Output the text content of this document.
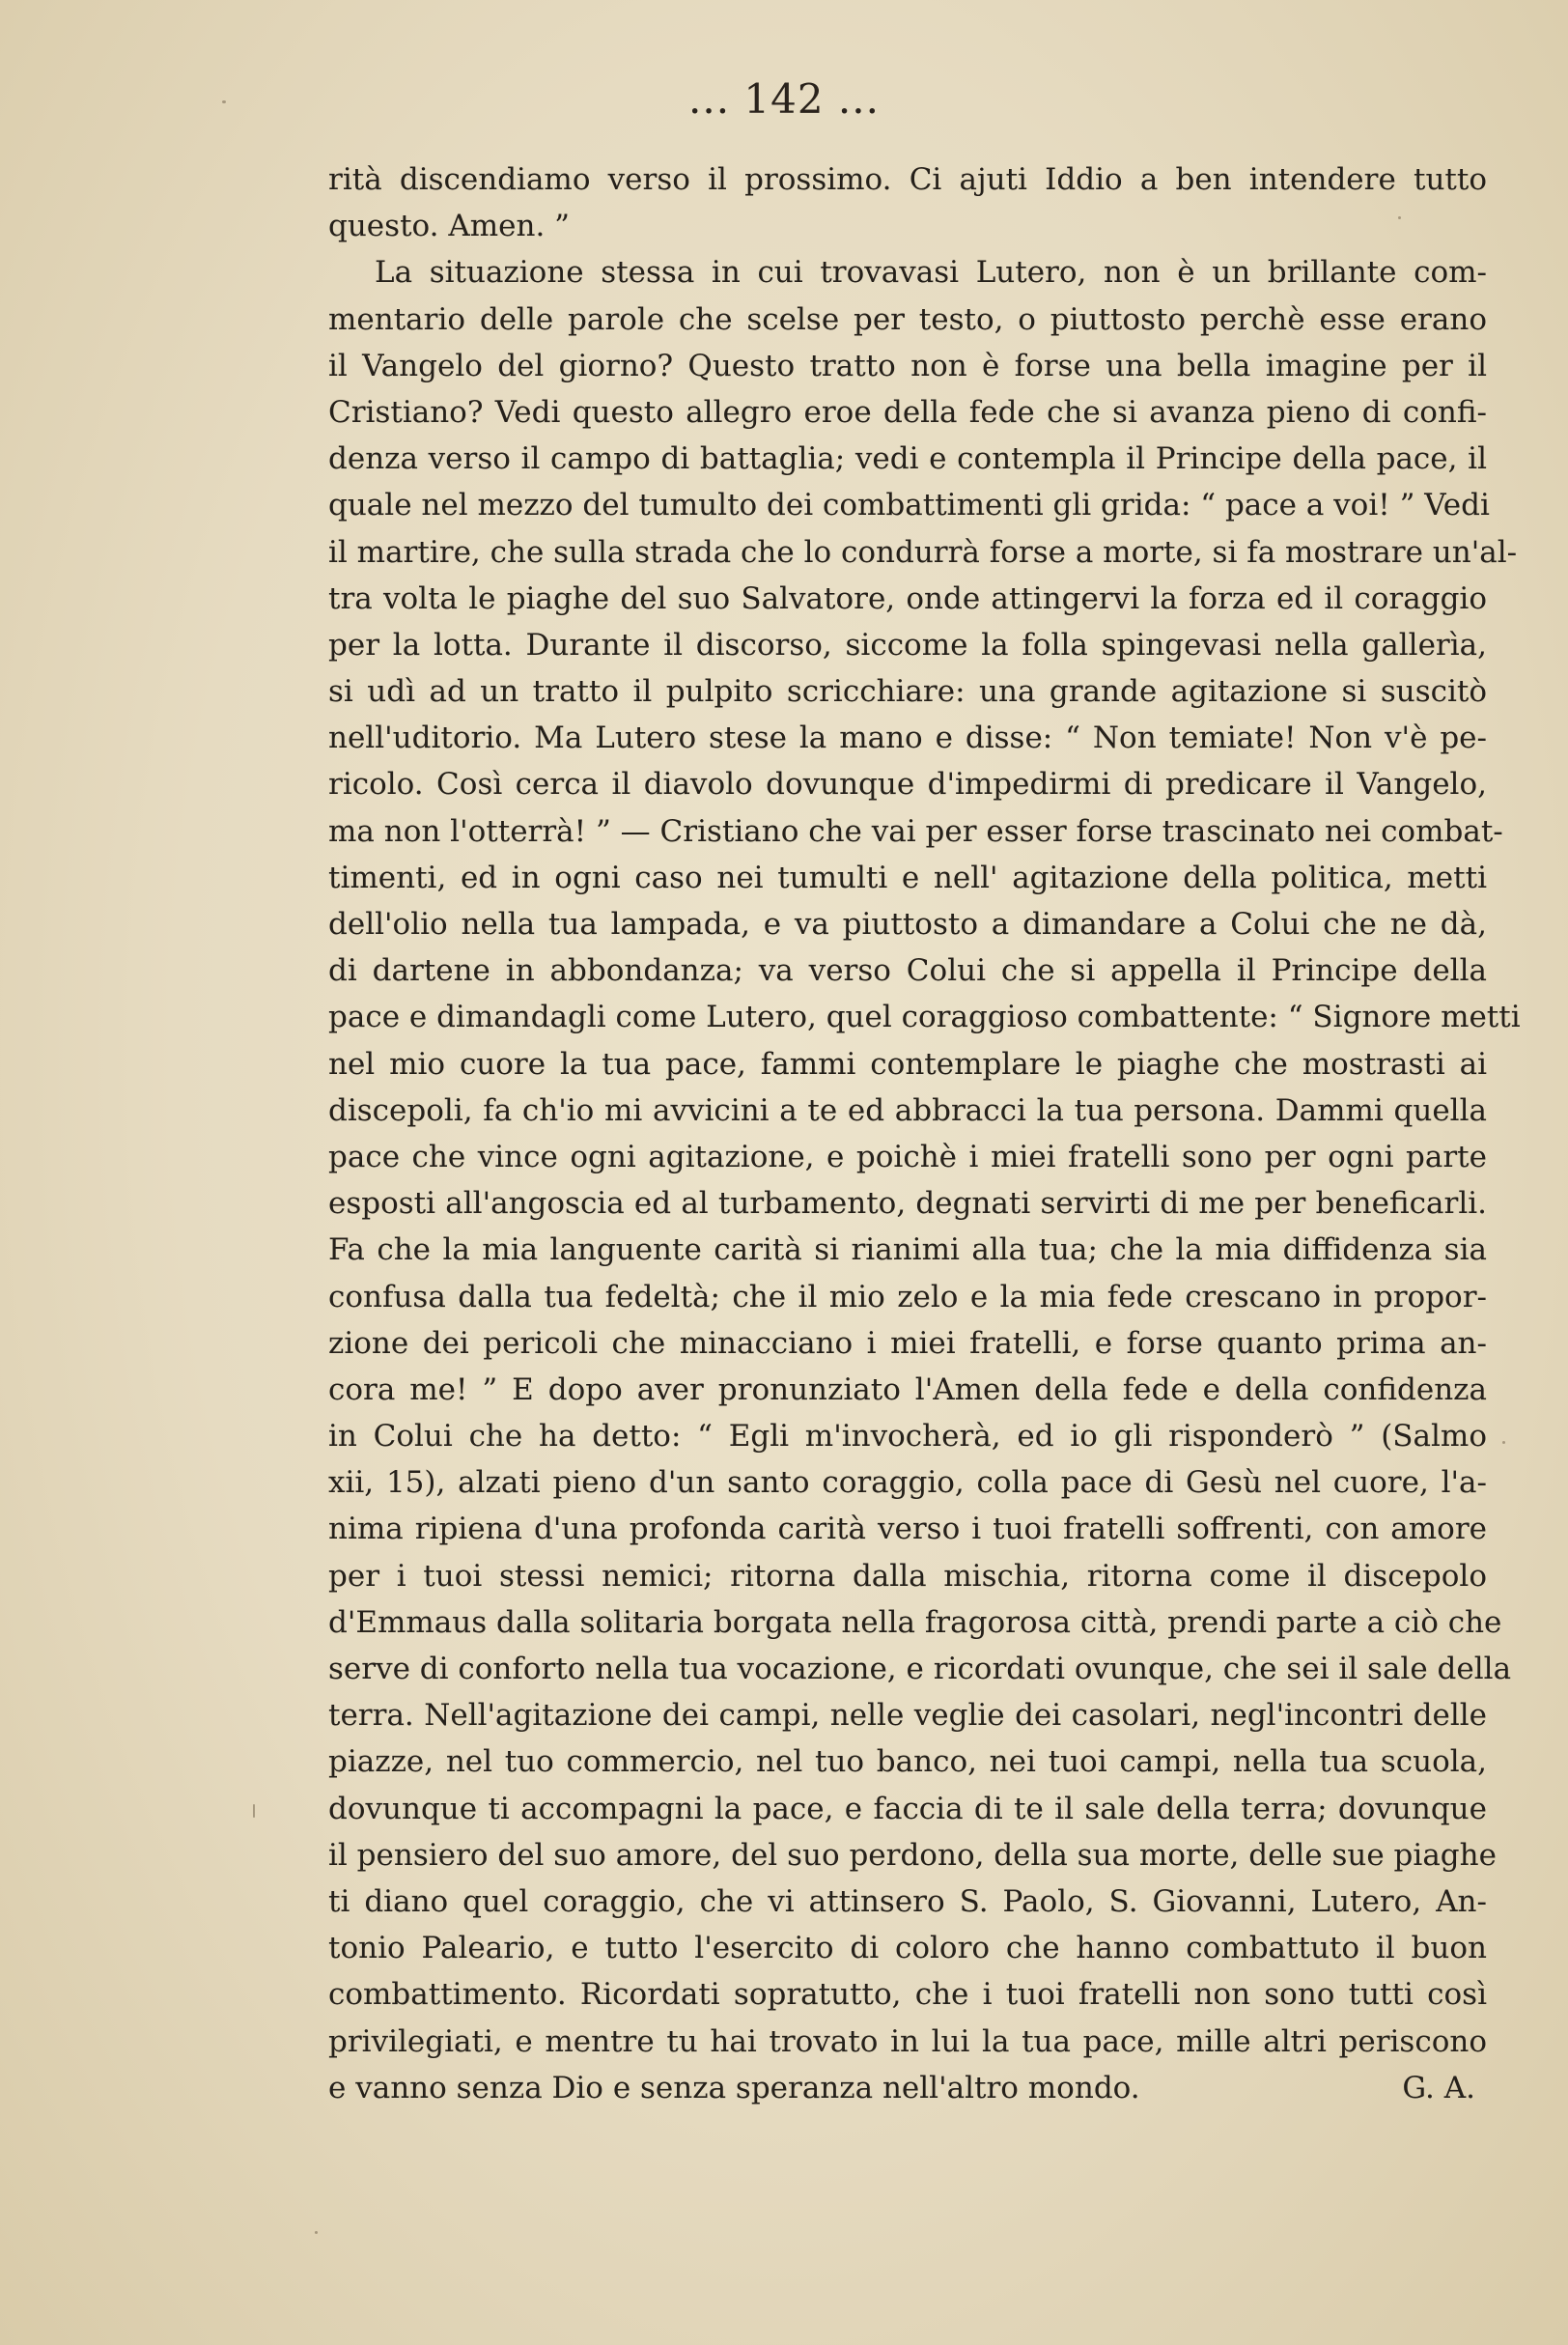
... 142 ...
rità discendiamo verso il prossimo. Ci ajuti Iddio a ben intendere tutto
questo. Amen. ”
La situazione stessa in cui trovavasi Lutero, non è un brillante com-
mentario delle parole che scelse per testo, o piuttosto perchè esse erano
il Vangelo del giorno? Questo tratto non è forse una bella imagine per il
Cristiano? Vedi questo allegro eroe della fede che si avanza pieno di confi-
denza verso il campo di battaglia; vedi e contempla il Principe della pace, il
quale nel mezzo del tumulto dei combattimenti gli grida: “ pace a voi! ” Vedi
il martire, che sulla strada che lo condurrà forse a morte, si fa mostrare un'al-
tra volta le piaghe del suo Salvatore, onde attingervi la forza ed il coraggio
per la lotta. Durante il discorso, siccome la folla spingevasi nella gallerìa,
si udì ad un tratto il pulpito scricchiare: una grande agitazione si suscitò
nell'uditorio. Ma Lutero stese la mano e disse: “ Non temiate! Non v'è pe-
ricolo. Così cerca il diavolo dovunque d'impedirmi di predicare il Vangelo,
ma non l'otterrà! ” — Cristiano che vai per esser forse trascinato nei combat-
timenti, ed in ogni caso nei tumulti e nell' agitazione della politica, metti
dell'olio nella tua lampada, e va piuttosto a dimandare a Colui che ne dà,
di dartene in abbondanza; va verso Colui che si appella il Principe della
pace e dimandagli come Lutero, quel coraggioso combattente: “ Signore metti
nel mio cuore la tua pace, fammi contemplare le piaghe che mostrasti ai
discepoli, fa ch'io mi avvicini a te ed abbracci la tua persona. Dammi quella
pace che vince ogni agitazione, e poichè i miei fratelli sono per ogni parte
esposti all'angoscia ed al turbamento, degnati servirti di me per beneficarli.
Fa che la mia languente carità si rianimi alla tua; che la mia diffidenza sia
confusa dalla tua fedeltà; che il mio zelo e la mia fede crescano in propor-
zione dei pericoli che minacciano i miei fratelli, e forse quanto prima an-
cora me! ” E dopo aver pronunziato l'Amen della fede e della confidenza
in Colui che ha detto: “ Egli m'invocherà, ed io gli risponderò ” (Salmo
xii, 15), alzati pieno d'un santo coraggio, colla pace di Gesù nel cuore, l'a-
nima ripiena d'una profonda carità verso i tuoi fratelli soffrenti, con amore
per i tuoi stessi nemici; ritorna dalla mischia, ritorna come il discepolo
d'Emmaus dalla solitaria borgata nella fragorosa città, prendi parte a ciò che
serve di conforto nella tua vocazione, e ricordati ovunque, che sei il sale della
terra. Nell'agitazione dei campi, nelle veglie dei casolari, negl'incontri delle
piazze, nel tuo commercio, nel tuo banco, nei tuoi campi, nella tua scuola,
dovunque ti accompagni la pace, e faccia di te il sale della terra; dovunque
il pensiero del suo amore, del suo perdono, della sua morte, delle sue piaghe
ti diano quel coraggio, che vi attinsero S. Paolo, S. Giovanni, Lutero, An-
tonio Paleario, e tutto l'esercito di coloro che hanno combattuto il buon
combattimento. Ricordati sopratutto, che i tuoi fratelli non sono tutti così
privilegiati, e mentre tu hai trovato in lui la tua pace, mille altri periscono
e vanno senza Dio e senza speranza nell'altro mondo.	G. A.
